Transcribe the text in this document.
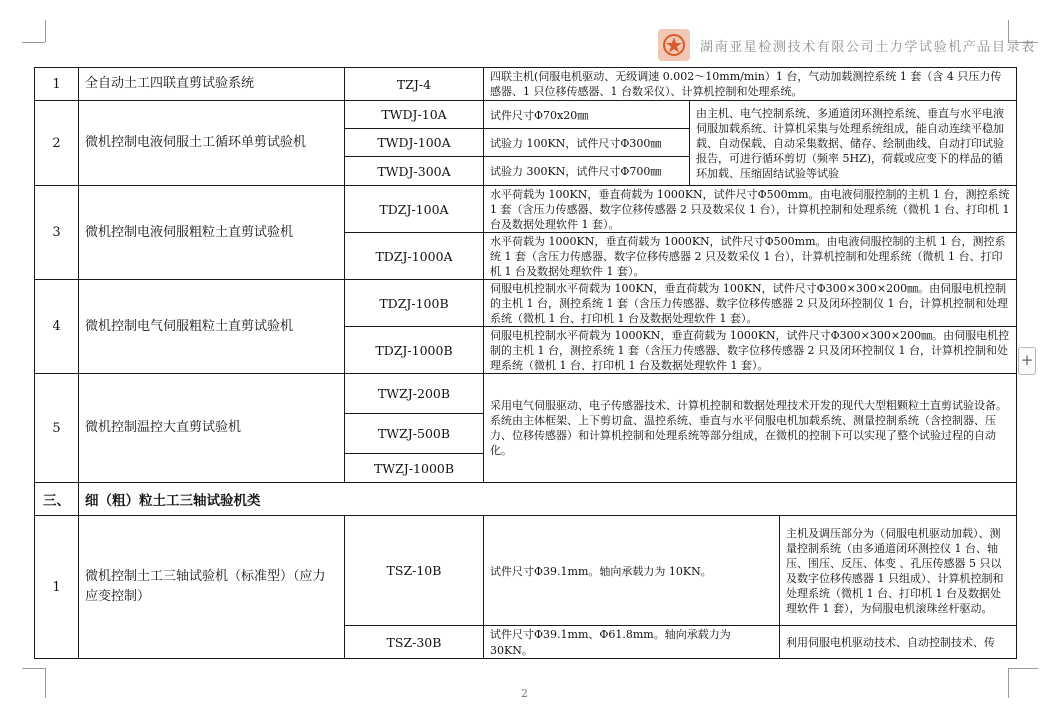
湖南亚星检测技术有限公司土力学试验机产品目录表
+
1	全自动土工四联直剪试验系统	TZJ-4	四联主机(伺服电机驱动、无级调速 0.002～10mm/min）1 台，气动加载测控系统 1 套（含 4 只压力传感器、1 只位移传感器、1 台数采仪）、计算机控制和处理系统。		
2	微机控制电液伺服土工循环单剪试验机	TWDJ-10A	试件尺寸Φ70x20㎜	由主机、电气控制系统、多通道闭环测控系统、垂直与水平电液伺服加载系统、计算机采集与处理系统组成，能自动连续平稳加载、自动保载、自动采集数据、储存、绘制曲线、自动打印试验报告，可进行循环剪切（频率 5HZ)，荷载或应变下的样品的循环加载、压缩固结试验等试验	
		TWDJ-100A	试验力 100KN，试件尺寸Φ300㎜		
		TWDJ-300A	试验力 300KN，试件尺寸Φ700㎜		
3	微机控制电液伺服粗粒土直剪试验机	TDZJ-100A	水平荷载为 100KN，垂直荷载为 1000KN，试件尺寸Φ500mm。由电液伺服控制的主机 1 台，测控系统 1 套（含压力传感器、数字位移传感器 2 只及数采仪 1 台），计算机控制和处理系统（微机 1 台、打印机 1 台及数据处理软件 1 套）。		
		TDZJ-1000A	水平荷载为 1000KN，垂直荷载为 1000KN，试件尺寸Φ500mm。由电液伺服控制的主机 1 台，测控系统 1 套（含压力传感器、数字位移传感器 2 只及数采仪 1 台），计算机控制和处理系统（微机 1 台、打印机 1 台及数据处理软件 1 套）。		
4	微机控制电气伺服粗粒土直剪试验机	TDZJ-100B	伺服电机控制水平荷载为 100KN，垂直荷载为 100KN，试件尺寸Φ300×300×200㎜。由伺服电机控制的主机 1 台，测控系统 1 套（含压力传感器、数字位移传感器 2 只及闭环控制仪 1 台，计算机控制和处理系统（微机 1 台、打印机 1 台及数据处理软件 1 套）。		
		TDZJ-1000B	伺服电机控制水平荷载为 1000KN，垂直荷载为 1000KN，试件尺寸Φ300×300×200㎜。由伺服电机控制的主机 1 台，测控系统 1 套（含压力传感器、数字位移传感器 2 只及闭环控制仪 1 台，计算机控制和处理系统（微机 1 台、打印机 1 台及数据处理软件 1 套）。		
5	微机控制温控大直剪试验机	TWZJ-200B	采用电气伺服驱动、电子传感器技术、计算机控制和数据处理技术开发的现代大型粗颗粒土直剪试验设备。系统由主体框架、上下剪切盒、温控系统、垂直与水平伺服电机加载系统、测量控制系统（含控制器、压力、位移传感器）和计算机控制和处理系统等部分组成，在微机的控制下可以实现了整个试验过程的自动化。		
		TWZJ-500B			
		TWZJ-1000B			
三、	细（粗）粒土工三轴试验机类				
1	微机控制土工三轴试验机（标准型）（应力应变控制）	TSZ-10B	试件尺寸Φ39.1mm。轴向承载力为 10KN。		主机及调压部分为（伺服电机驱动加载）、测量控制系统（由多通道闭环测控仪 1 台、轴压、围压、反压、体变 、孔压传感器 5 只以及数字位移传感器 1 只组成）、计算机控制和处理系统（微机 1 台、打印机 1 台及数据处理软件 1 套），为伺服电机滚珠丝杆驱动。
		TSZ-30B	试件尺寸Φ39.1mm、Φ61.8mm。轴向承载力为 30KN。		利用伺服电机驱动技术、自动控制技术、传
2
